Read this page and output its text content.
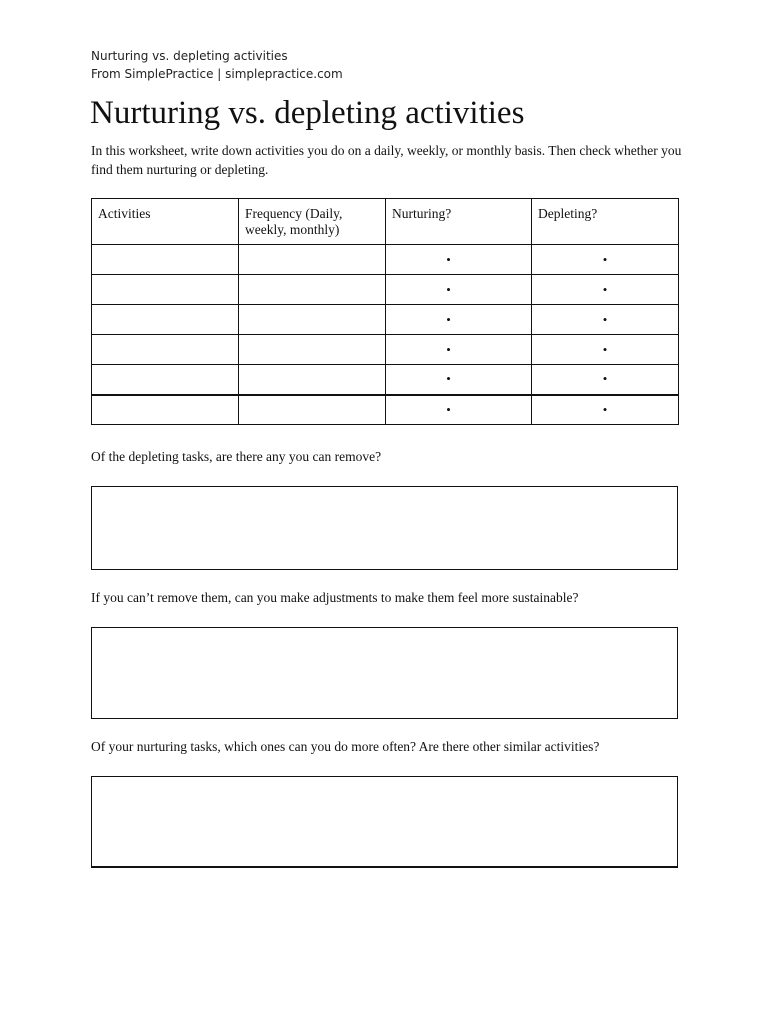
Nurturing vs. depleting activities
From SimplePractice | simplepractice.com
Nurturing vs. depleting activities

In this worksheet, write down activities you do on a daily, weekly, or monthly basis. Then check whether you find them nurturing or depleting.

Activities	Frequency (Daily, weekly, monthly)	Nurturing?	Depleting?
		•	•
		•	•
		•	•
		•	•
		•	•
		•	•

Of the depleting tasks, are there any you can remove?

If you can’t remove them, can you make adjustments to make them feel more sustainable?

Of your nurturing tasks, which ones can you do more often? Are there other similar activities?
